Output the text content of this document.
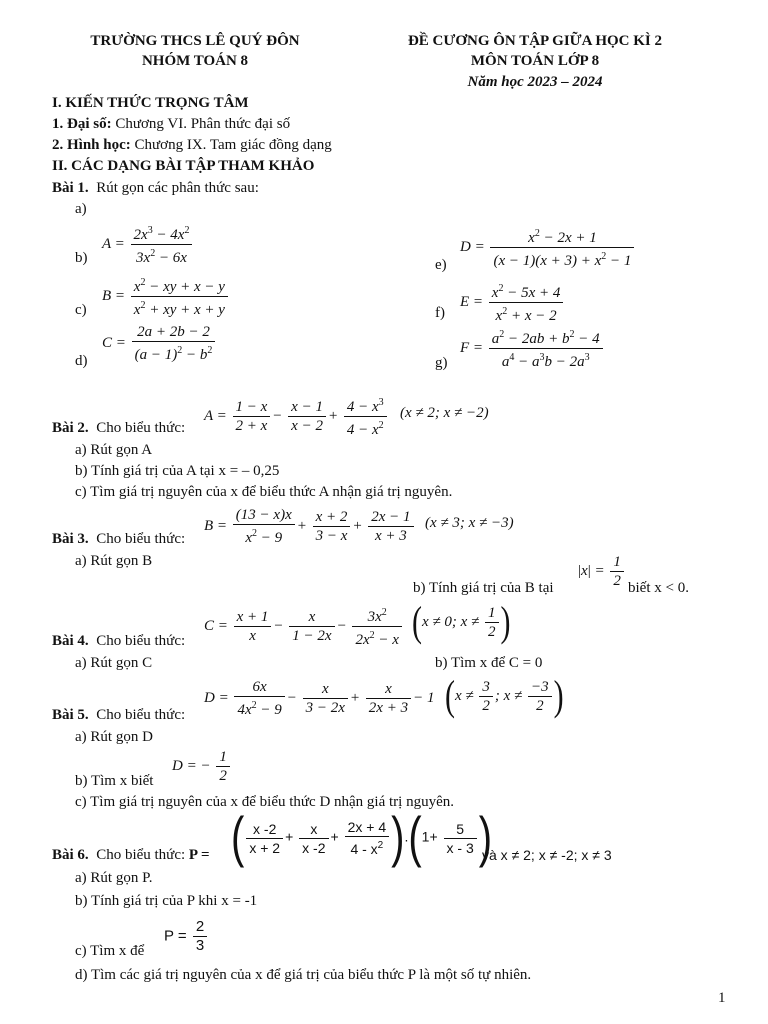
TRƯỜNG THCS LÊ QUÝ ĐÔN
NHÓM TOÁN 8
ĐỀ CƯƠNG ÔN TẬP GIỮA HỌC KÌ 2
MÔN TOÁN LỚP 8
Năm học 2023 – 2024
I. KIẾN THỨC TRỌNG TÂM
1. Đại số: Chương VI. Phân thức đại số
2. Hình học: Chương IX. Tam giác đồng dạng
II. CÁC DẠNG BÀI TẬP THAM KHẢO
Bài 1. Rút gọn các phân thức sau:
a)
b)
$A = \frac{2x^3 - 4x^2}{3x^2 - 6x}$
c)
$B = \frac{x^2 - xy + x - y}{x^2 + xy + x + y}$
d)
$C = \frac{2a + 2b - 2}{(a - 1)^2 - b^2}$
e)
$D = \frac{x^2 - 2x + 1}{(x - 1)(x + 3) + x^2 - 1}$
f)
$E = \frac{x^2 - 5x + 4}{x^2 + x - 2}$
g)
$F = \frac{a^2 - 2ab + b^2 - 4}{a^4 - a^3b - 2a^3}$
Bài 2. Cho biểu thức:
$A = \frac{1 - x}{2 + x} - \frac{x - 1}{x - 2} + \frac{4 - x^3}{4 - x^2} (x \ne 2$; x ≠ −2)
a) Rút gọn A
b) Tính giá trị của A tại x = – 0,25
c) Tìm giá trị nguyên của x để biểu thức A nhận giá trị nguyên.
Bài 3. Cho biểu thức:
$B = \frac{(13 - x)x}{x^2 - 9} + \frac{x + 2}{3 - x} + \frac{2x - 1}{x + 3} (x \ne 3$; x ≠ −3)
a) Rút gọn B
b) Tính giá trị của B tại
$|x| = \frac{1}{2}$ biết x < 0.
Bài 4. Cho biểu thức:
$C = \frac{x + 1}{x} - \frac{x}{1 - 2x} - \frac{3x^2}{2x^2 - x} (x \ne 0$; $x \ne \frac{1}{2}$ )
a) Rút gọn C	b) Tìm x để C = 0
Bài 5. Cho biểu thức:
$D = \frac{6x}{4x^2 - 9} - \frac{x}{3 - 2x} + \frac{x}{2x + 3} - 1$ ($x \ne \frac{3}{2}$ ; $x \ne \frac{-3}{2}$ )
a) Rút gọn D
b) Tìm x biết
D = − $\frac{1}{2}$
c) Tìm giá trị nguyên của x để biểu thức D nhận giá trị nguyên.
Bài 6. Cho biểu thức: P = ( $\frac{x -2}{x + 2} + \frac{x}{x -2} + \frac{2x + 4}{4 - x^2} ).(1+ \frac{5}{x - 3}$ )
và x ≠ 2; x ≠ -2; x ≠ 3
a) Rút gọn P.
b) Tính giá trị của P khi x = -1
c) Tìm x để
$P = \frac{2}{3}$
d) Tìm các giá trị nguyên của x để giá trị của biểu thức P là một số tự nhiên.
1
